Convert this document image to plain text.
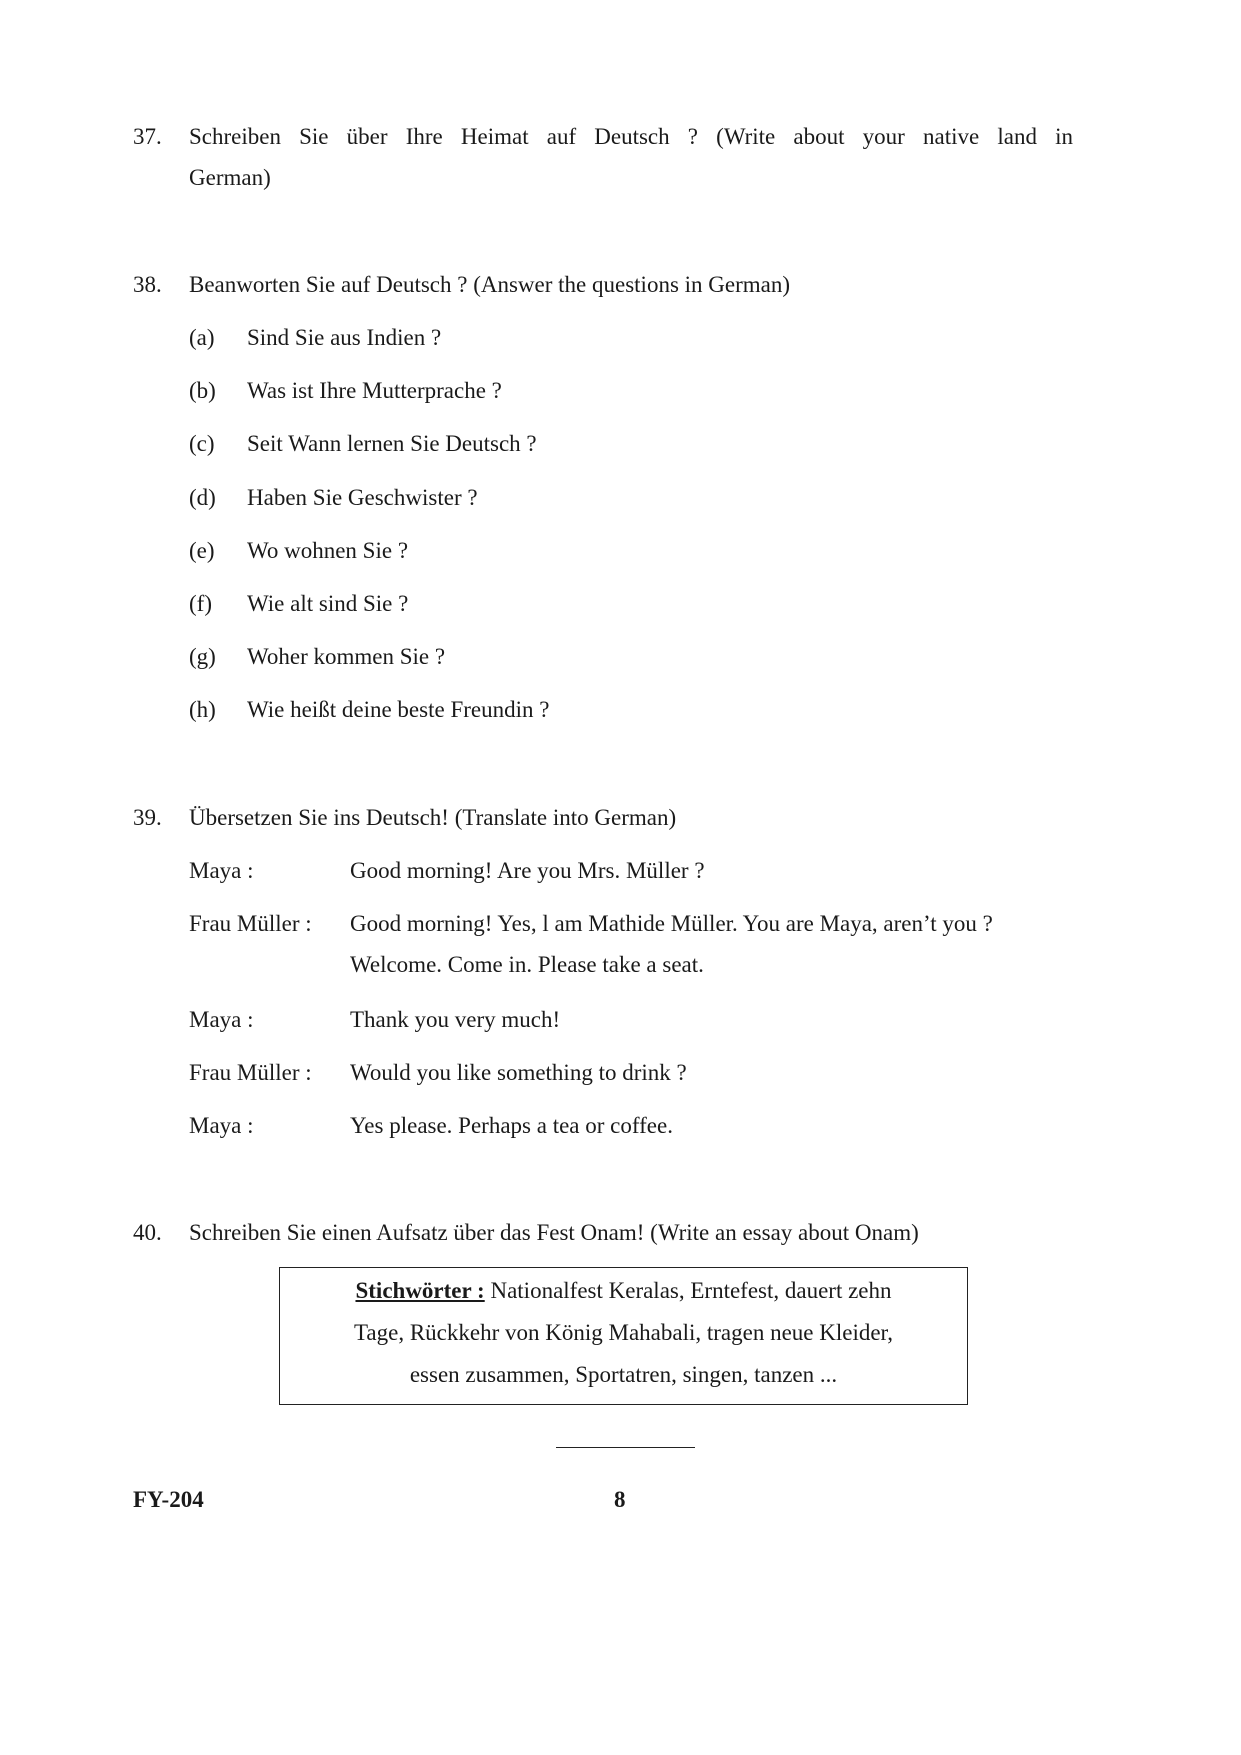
37. Schreiben Sie über Ihre Heimat auf Deutsch ? (Write about your native land in
German)
38. Beanworten Sie auf Deutsch ? (Answer the questions in German)
(a) Sind Sie aus Indien ?
(b) Was ist Ihre Mutterprache ?
(c) Seit Wann lernen Sie Deutsch ?
(d) Haben Sie Geschwister ?
(e) Wo wohnen Sie ?
(f) Wie alt sind Sie ?
(g) Woher kommen Sie ?
(h) Wie heißt deine beste Freundin ?
39. Übersetzen Sie ins Deutsch! (Translate into German)
Maya :	Good morning! Are you Mrs. Müller ?
Frau Müller : Good morning! Yes, l am Mathide Müller. You are Maya, aren’t you ?
Welcome. Come in. Please take a seat.
Maya :	Thank you very much!
Frau Müller : Would you like something to drink ?
Maya :	Yes please. Perhaps a tea or coffee.
40. Schreiben Sie einen Aufsatz über das Fest Onam! (Write an essay about Onam)
Stichwörter : Nationalfest Keralas, Erntefest, dauert zehn
Tage, Rückkehr von König Mahabali, tragen neue Kleider,
essen zusammen, Sportatren, singen, tanzen ...
FY-204	8
